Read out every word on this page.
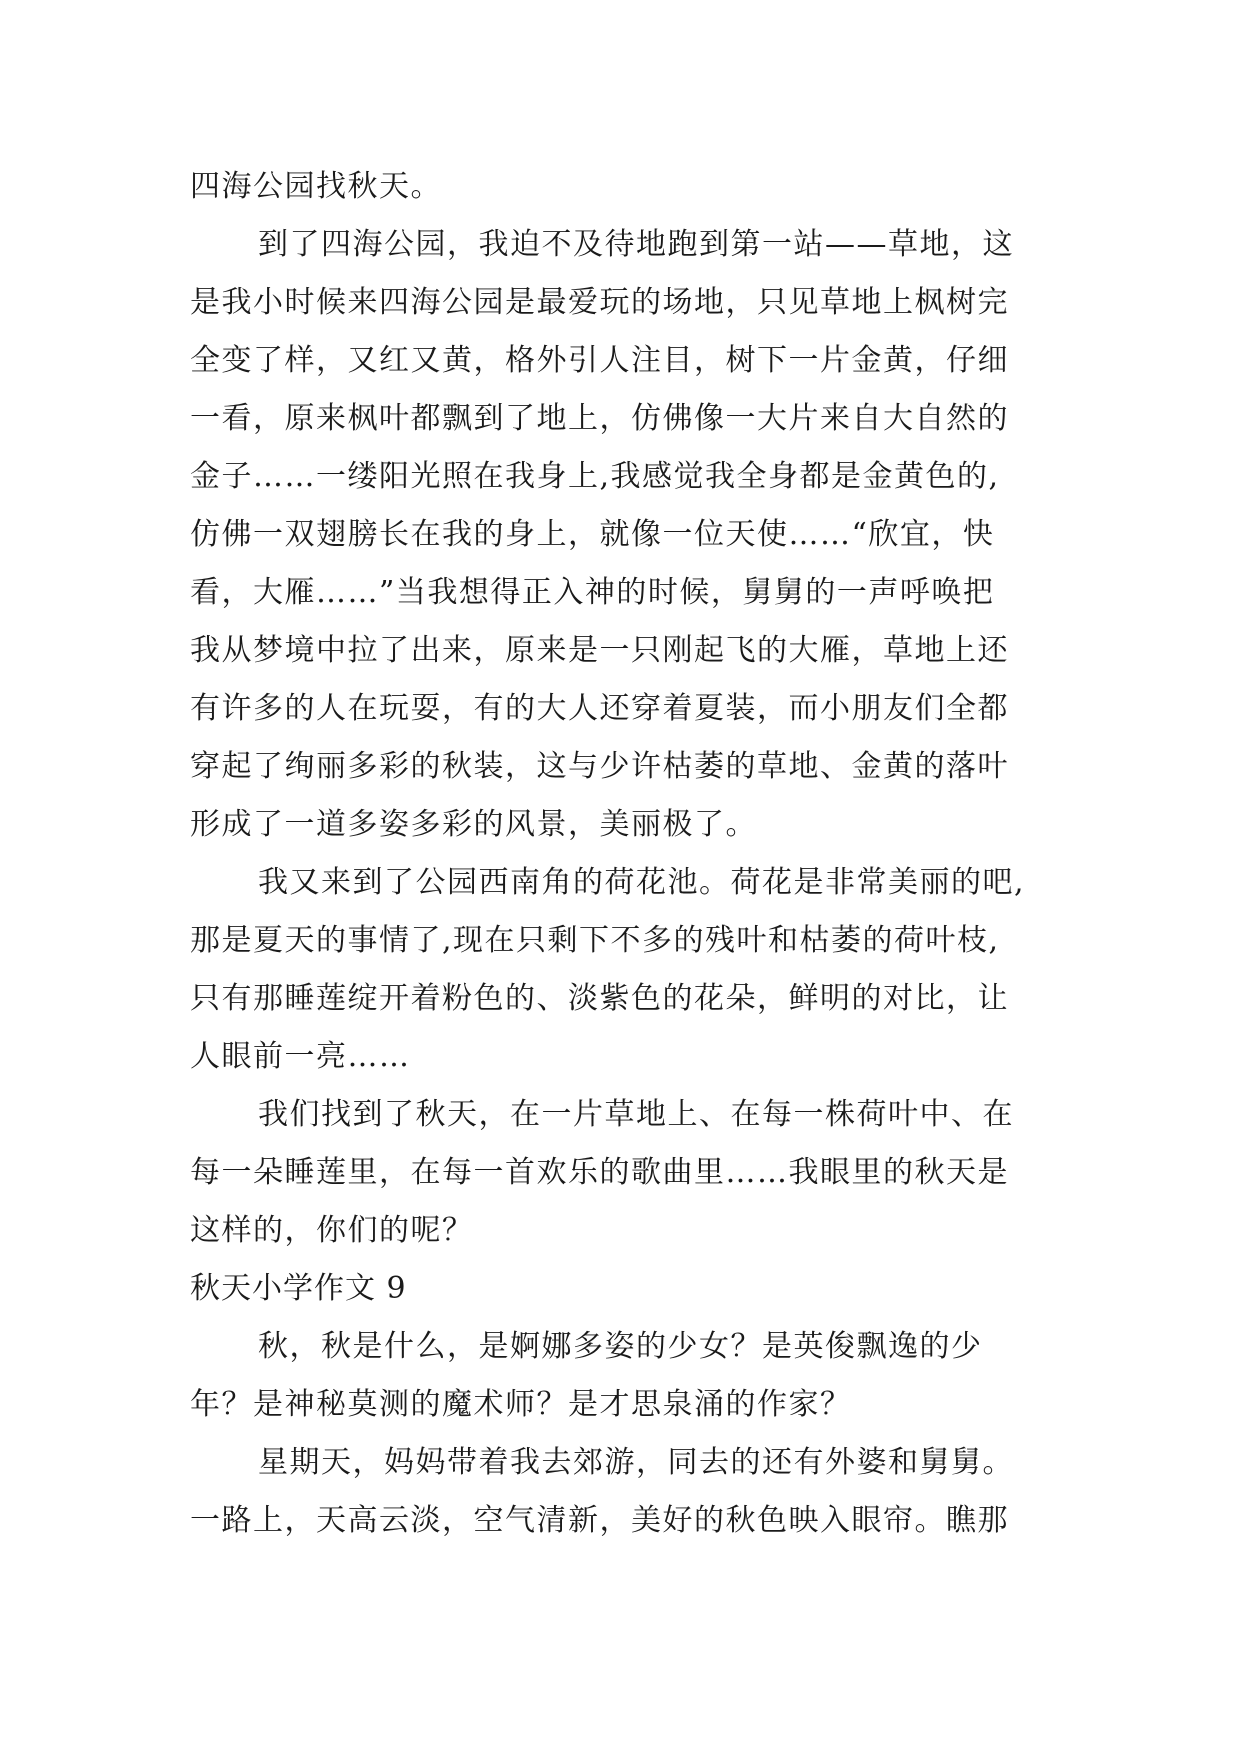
四海公园找秋天。
到了四海公园，我迫不及待地跑到第一站——草地，这
是我小时候来四海公园是最爱玩的场地，只见草地上枫树完
全变了样，又红又黄，格外引人注目，树下一片金黄，仔细
一看，原来枫叶都飘到了地上，仿佛像一大片来自大自然的
金子……一缕阳光照在我身上,我感觉我全身都是金黄色的,
仿佛一双翅膀长在我的身上，就像一位天使……“欣宜，快
看，大雁……”当我想得正入神的时候，舅舅的一声呼唤把
我从梦境中拉了出来，原来是一只刚起飞的大雁，草地上还
有许多的人在玩耍，有的大人还穿着夏装，而小朋友们全都
穿起了绚丽多彩的秋装，这与少许枯萎的草地、金黄的落叶
形成了一道多姿多彩的风景，美丽极了。
我又来到了公园西南角的荷花池。荷花是非常美丽的吧,
那是夏天的事情了,现在只剩下不多的残叶和枯萎的荷叶枝,
只有那睡莲绽开着粉色的、淡紫色的花朵，鲜明的对比，让
人眼前一亮……
我们找到了秋天，在一片草地上、在每一株荷叶中、在
每一朵睡莲里，在每一首欢乐的歌曲里……我眼里的秋天是
这样的，你们的呢？
秋天小学作文 9
秋，秋是什么，是婀娜多姿的少女？是英俊飘逸的少
年？是神秘莫测的魔术师？是才思泉涌的作家？
星期天，妈妈带着我去郊游，同去的还有外婆和舅舅。
一路上，天高云淡，空气清新，美好的秋色映入眼帘。瞧那
